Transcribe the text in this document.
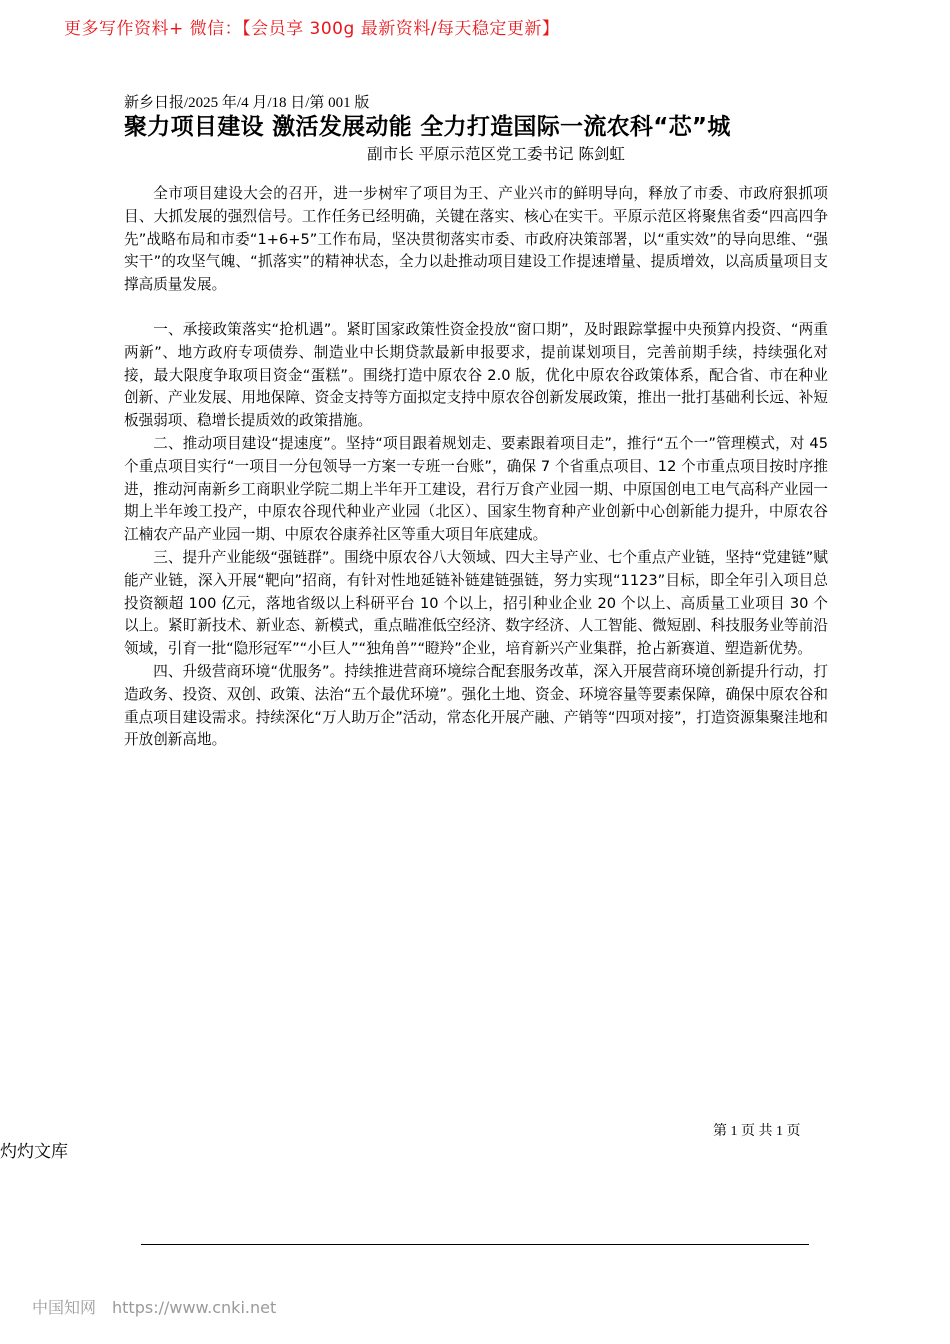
更多写作资料+ 微信：【会员享 300g 最新资料/每天稳定更新】
新乡日报/2025 年/4 月/18 日/第 001 版
聚力项目建设 激活发展动能 全力打造国际一流农科“芯”城
副市长 平原示范区党工委书记 陈剑虹

全市项目建设大会的召开，进一步树牢了项目为王、产业兴市的鲜明导向，释放了市委、市政府狠抓项目、大抓发展的强烈信号。工作任务已经明确，关键在落实、核心在实干。平原示范区将聚焦省委“四高四争先”战略布局和市委“1+6+5”工作布局，坚决贯彻落实市委、市政府决策部署，以“重实效”的导向思维、“强实干”的攻坚气魄、“抓落实”的精神状态，全力以赴推动项目建设工作提速增量、提质增效，以高质量项目支撑高质量发展。

一、承接政策落实“抢机遇”。紧盯国家政策性资金投放“窗口期”，及时跟踪掌握中央预算内投资、“两重两新”、地方政府专项债券、制造业中长期贷款最新申报要求，提前谋划项目，完善前期手续，持续强化对接，最大限度争取项目资金“蛋糕”。围绕打造中原农谷 2.0 版，优化中原农谷政策体系，配合省、市在种业创新、产业发展、用地保障、资金支持等方面拟定支持中原农谷创新发展政策，推出一批打基础利长远、补短板强弱项、稳增长提质效的政策措施。

二、推动项目建设“提速度”。坚持“项目跟着规划走、要素跟着项目走”，推行“五个一”管理模式，对 45 个重点项目实行“一项目一分包领导一方案一专班一台账”，确保 7 个省重点项目、12 个市重点项目按时序推进，推动河南新乡工商职业学院二期上半年开工建设，君行万食产业园一期、中原国创电工电气高科产业园一期上半年竣工投产，中原农谷现代种业产业园（北区）、国家生物育种产业创新中心创新能力提升，中原农谷江楠农产品产业园一期、中原农谷康养社区等重大项目年底建成。

三、提升产业能级“强链群”。围绕中原农谷八大领域、四大主导产业、七个重点产业链，坚持“党建链”赋能产业链，深入开展“靶向”招商，有针对性地延链补链建链强链，努力实现“1123”目标，即全年引入项目总投资额超 100 亿元，落地省级以上科研平台 10 个以上，招引种业企业 20 个以上、高质量工业项目 30 个以上。紧盯新技术、新业态、新模式，重点瞄准低空经济、数字经济、人工智能、微短剧、科技服务业等前沿领域，引育一批“隐形冠军”“小巨人”“独角兽”“瞪羚”企业，培育新兴产业集群，抢占新赛道、塑造新优势。

四、升级营商环境“优服务”。持续推进营商环境综合配套服务改革，深入开展营商环境创新提升行动，打造政务、投资、双创、政策、法治“五个最优环境”。强化土地、资金、环境容量等要素保障，确保中原农谷和重点项目建设需求。持续深化“万人助万企”活动，常态化开展产融、产销等“四项对接”，打造资源集聚洼地和开放创新高地。

第 1 页 共 1 页
灼灼文库
中国知网 https://www.cnki.net
